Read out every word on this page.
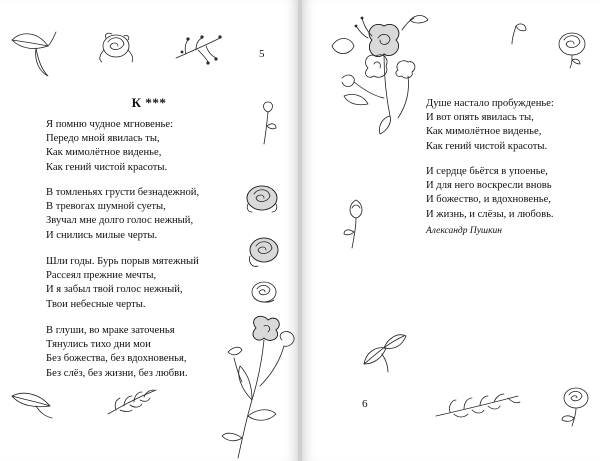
5
К ***
Я помню чудное мгновенье:
Передо мной явилась ты,
Как мимолётное виденье,
Как гений чистой красоты.
В томленьях грусти безнадежной,
В тревогах шумной суеты,
Звучал мне долго голос нежный,
И снились милые черты.
Шли годы. Бурь порыв мятежный
Рассеял прежние мечты,
И я забыл твой голос нежный,
Твои небесные черты.
В глуши, во мраке заточенья
Тянулись тихо дни мои
Без божества, без вдохновенья,
Без слёз, без жизни, без любви.
6
Душе настало пробужденье:
И вот опять явилась ты,
Как мимолётное виденье,
Как гений чистой красоты.
И сердце бьётся в упоенье,
И для него воскресли вновь
И божество, и вдохновенье,
И жизнь, и слёзы, и любовь.
Александр Пушкин
